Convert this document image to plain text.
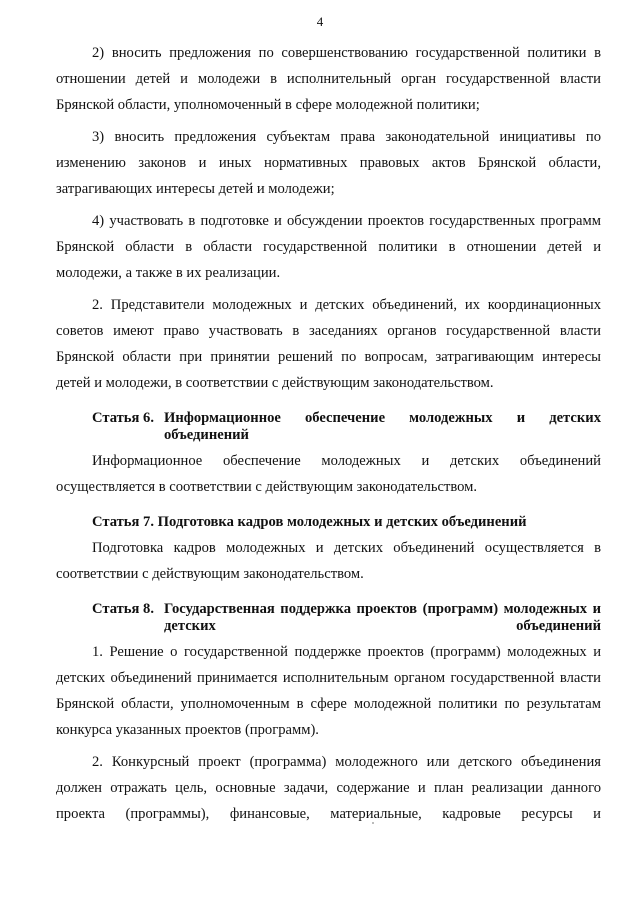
4

2) вносить предложения по совершенствованию государственной политики в отношении детей и молодежи в исполнительный орган государственной власти Брянской области, уполномоченный в сфере молодежной политики;

3) вносить предложения субъектам права законодательной инициативы по изменению законов и иных нормативных правовых актов Брянской области, затрагивающих интересы детей и молодежи;

4) участвовать в подготовке и обсуждении проектов государственных программ Брянской области в области государственной политики в отношении детей и молодежи, а также в их реализации.

2. Представители молодежных и детских объединений, их координационных советов имеют право участвовать в заседаниях органов государственной власти Брянской области при принятии решений по вопросам, затрагивающим интересы детей и молодежи, в соответствии с действующим законодательством.

Статья 6. Информационное обеспечение молодежных и детских объединений

Информационное обеспечение молодежных и детских объединений осуществляется в соответствии с действующим законодательством.

Статья 7. Подготовка кадров молодежных и детских объединений

Подготовка кадров молодежных и детских объединений осуществляется в соответствии с действующим законодательством.

Статья 8. Государственная поддержка проектов (программ) молодежных и детских объединений

1. Решение о государственной поддержке проектов (программ) молодежных и детских объединений принимается исполнительным органом государственной власти Брянской области, уполномоченным в сфере молодежной политики по результатам конкурса указанных проектов (программ).

2. Конкурсный проект (программа) молодежного или детского объединения должен отражать цель, основные задачи, содержание и план реализации данного проекта (программы), финансовые, материальные, кадровые ресурсы и
